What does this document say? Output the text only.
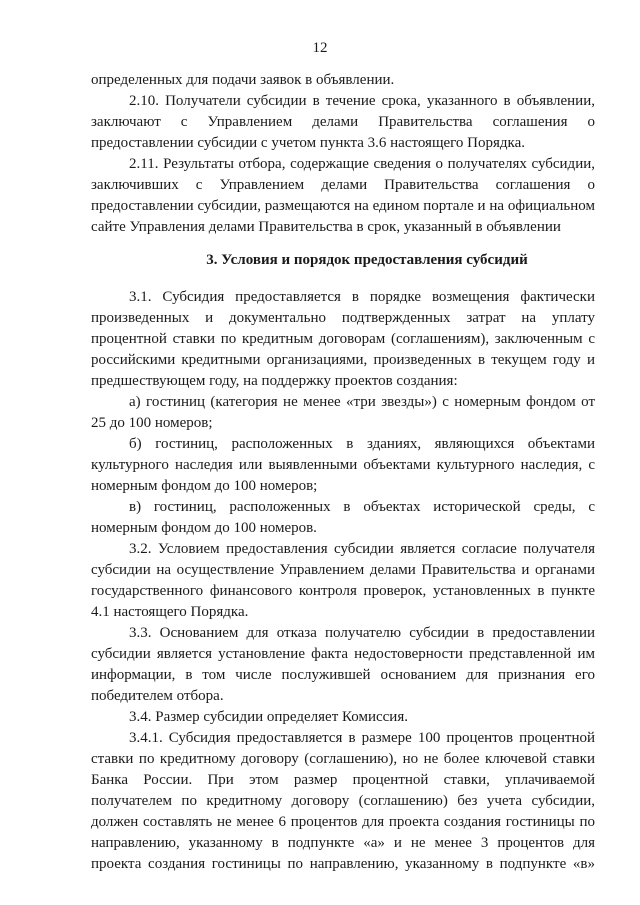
12

определенных для подачи заявок в объявлении.

2.10. Получатели субсидии в течение срока, указанного в объявлении, заключают с Управлением делами Правительства соглашения о предоставлении субсидии с учетом пункта 3.6 настоящего Порядка.

2.11. Результаты отбора, содержащие сведения о получателях субсидии, заключивших с Управлением делами Правительства соглашения о предоставлении субсидии, размещаются на едином портале и на официальном сайте Управления делами Правительства в срок, указанный в объявлении

3. Условия и порядок предоставления субсидий

3.1. Субсидия предоставляется в порядке возмещения фактически произведенных и документально подтвержденных затрат на уплату процентной ставки по кредитным договорам (соглашениям), заключенным с российскими кредитными организациями, произведенных в текущем году и предшествующем году, на поддержку проектов создания:

а) гостиниц (категория не менее «три звезды») с номерным фондом от 25 до 100 номеров;

б) гостиниц, расположенных в зданиях, являющихся объектами культурного наследия или выявленными объектами культурного наследия, с номерным фондом до 100 номеров;

в) гостиниц, расположенных в объектах исторической среды, с номерным фондом до 100 номеров.

3.2. Условием предоставления субсидии является согласие получателя субсидии на осуществление Управлением делами Правительства и органами государственного финансового контроля проверок, установленных в пункте 4.1 настоящего Порядка.

3.3. Основанием для отказа получателю субсидии в предоставлении субсидии является установление факта недостоверности представленной им информации, в том числе послужившей основанием для признания его победителем отбора.

3.4. Размер субсидии определяет Комиссия.

3.4.1. Субсидия предоставляется в размере 100 процентов процентной ставки по кредитному договору (соглашению), но не более ключевой ставки Банка России. При этом размер процентной ставки, уплачиваемой получателем по кредитному договору (соглашению) без учета субсидии, должен составлять не менее 6 процентов для проекта создания гостиницы по направлению, указанному в подпункте «а» и не менее 3 процентов для проекта создания гостиницы по направлению, указанному в подпункте «в»
